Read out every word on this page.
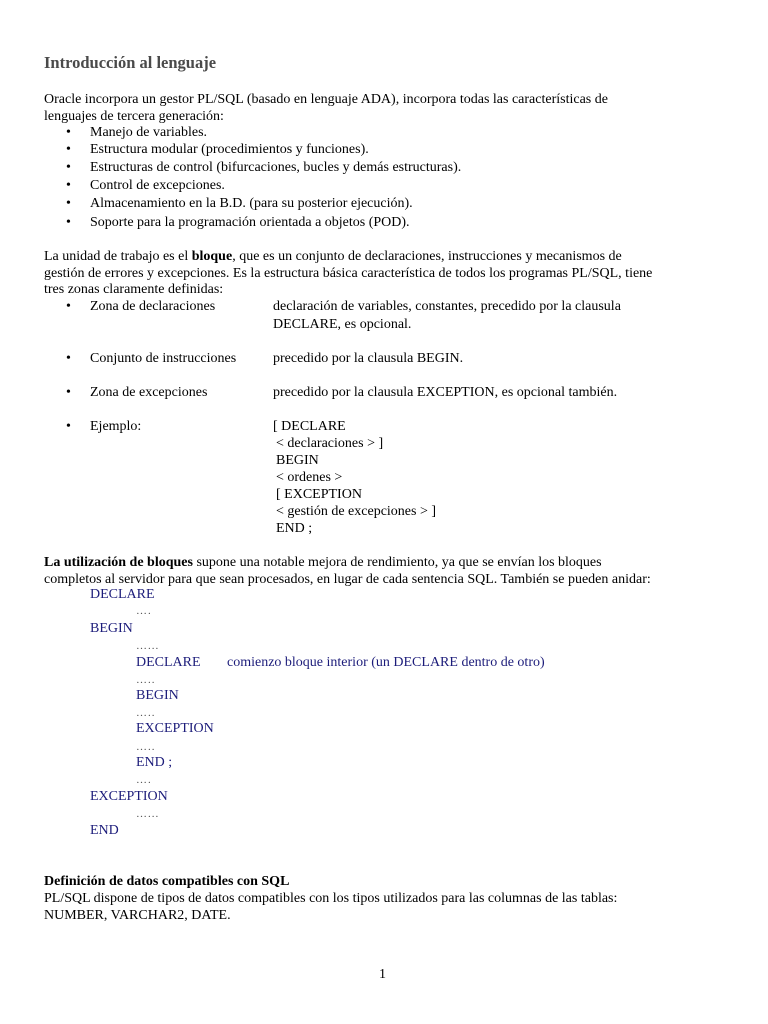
Introducción al lenguaje
Oracle incorpora un gestor PL/SQL (basado en lenguaje ADA), incorpora todas las características de
lenguajes de tercera generación:
• Manejo de variables.
• Estructura modular (procedimientos y funciones).
• Estructuras de control (bifurcaciones, bucles y demás estructuras).
• Control de excepciones.
• Almacenamiento en la B.D. (para su posterior ejecución).
• Soporte para la programación orientada a objetos (POD).
La unidad de trabajo es el bloque, que es un conjunto de declaraciones, instrucciones y mecanismos de
gestión de errores y excepciones. Es la estructura básica característica de todos los programas PL/SQL, tiene
tres zonas claramente definidas:
• Zona de declaraciones	declaración de variables, constantes, precedido por la clausula
DECLARE, es opcional.
• Conjunto de instrucciones	precedido por la clausula BEGIN.
• Zona de excepciones	precedido por la clausula EXCEPTION, es opcional también.
• Ejemplo:	[ DECLARE
< declaraciones > ]
BEGIN
< ordenes >
[ EXCEPTION
< gestión de excepciones > ]
END ;
La utilización de bloques supone una notable mejora de rendimiento, ya que se envían los bloques
completos al servidor para que sean procesados, en lugar de cada sentencia SQL. También se pueden anidar:
DECLARE
….
BEGIN
…...
DECLARE comienzo bloque interior (un DECLARE dentro de otro)
…..
BEGIN
…..
EXCEPTION
…..
END ;
….
EXCEPTION
…...
END
Definición de datos compatibles con SQL
PL/SQL dispone de tipos de datos compatibles con los tipos utilizados para las columnas de las tablas:
NUMBER, VARCHAR2, DATE.
1
